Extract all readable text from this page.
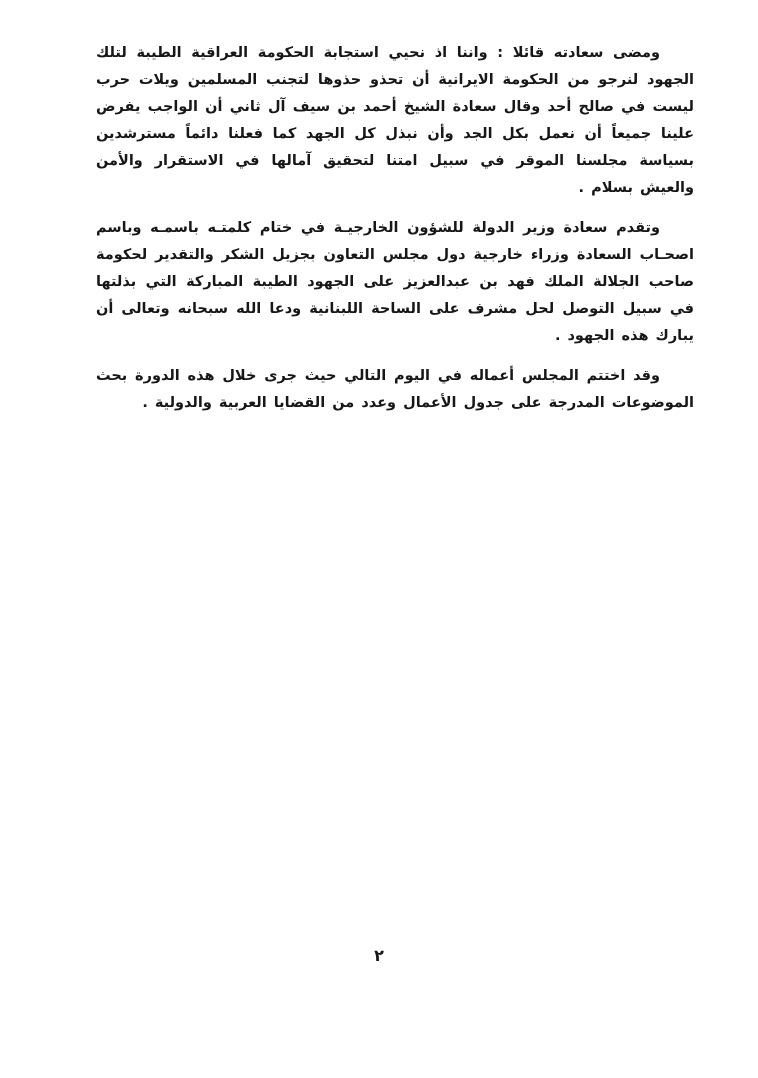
ومضى سعادته قائلا : واننا اذ نحيي استجابة الحكومة العراقية الطيبة لتلك الجهود لنرجو من الحكومة الايرانية أن تحذو حذوها لتجنب المسلمين ويلات حرب ليست في صالح أحد وقال سعادة الشيخ أحمد بن سيف آل ثاني أن الواجب يفرض علينا جميعاً أن نعمل بكل الجد وأن نبذل كل الجهد كما فعلنا دائماً مسترشدين بسياسة مجلسنا الموقر في سبيل امتنا لتحقيق آمالها في الاستقرار والأمن والعيش بسلام .

وتقدم سعادة وزير الدولة للشؤون الخارجيـة في ختام كلمتـه باسمـه وباسم اصحـاب السعادة وزراء خارجية دول مجلس التعاون بجزيل الشكر والتقدير لحكومة صاحب الجلالة الملك فهد بن عبدالعزيز على الجهود الطيبة المباركة التي بذلتها في سبيل التوصل لحل مشرف على الساحة اللبنانية ودعا الله سبحانه وتعالى أن يبارك هذه الجهود .

وقد اختتم المجلس أعماله في اليوم التالي حيث جرى خلال هذه الدورة بحث الموضوعات المدرجة على جدول الأعمال وعدد من القضايا العربية والدولية .

٢
